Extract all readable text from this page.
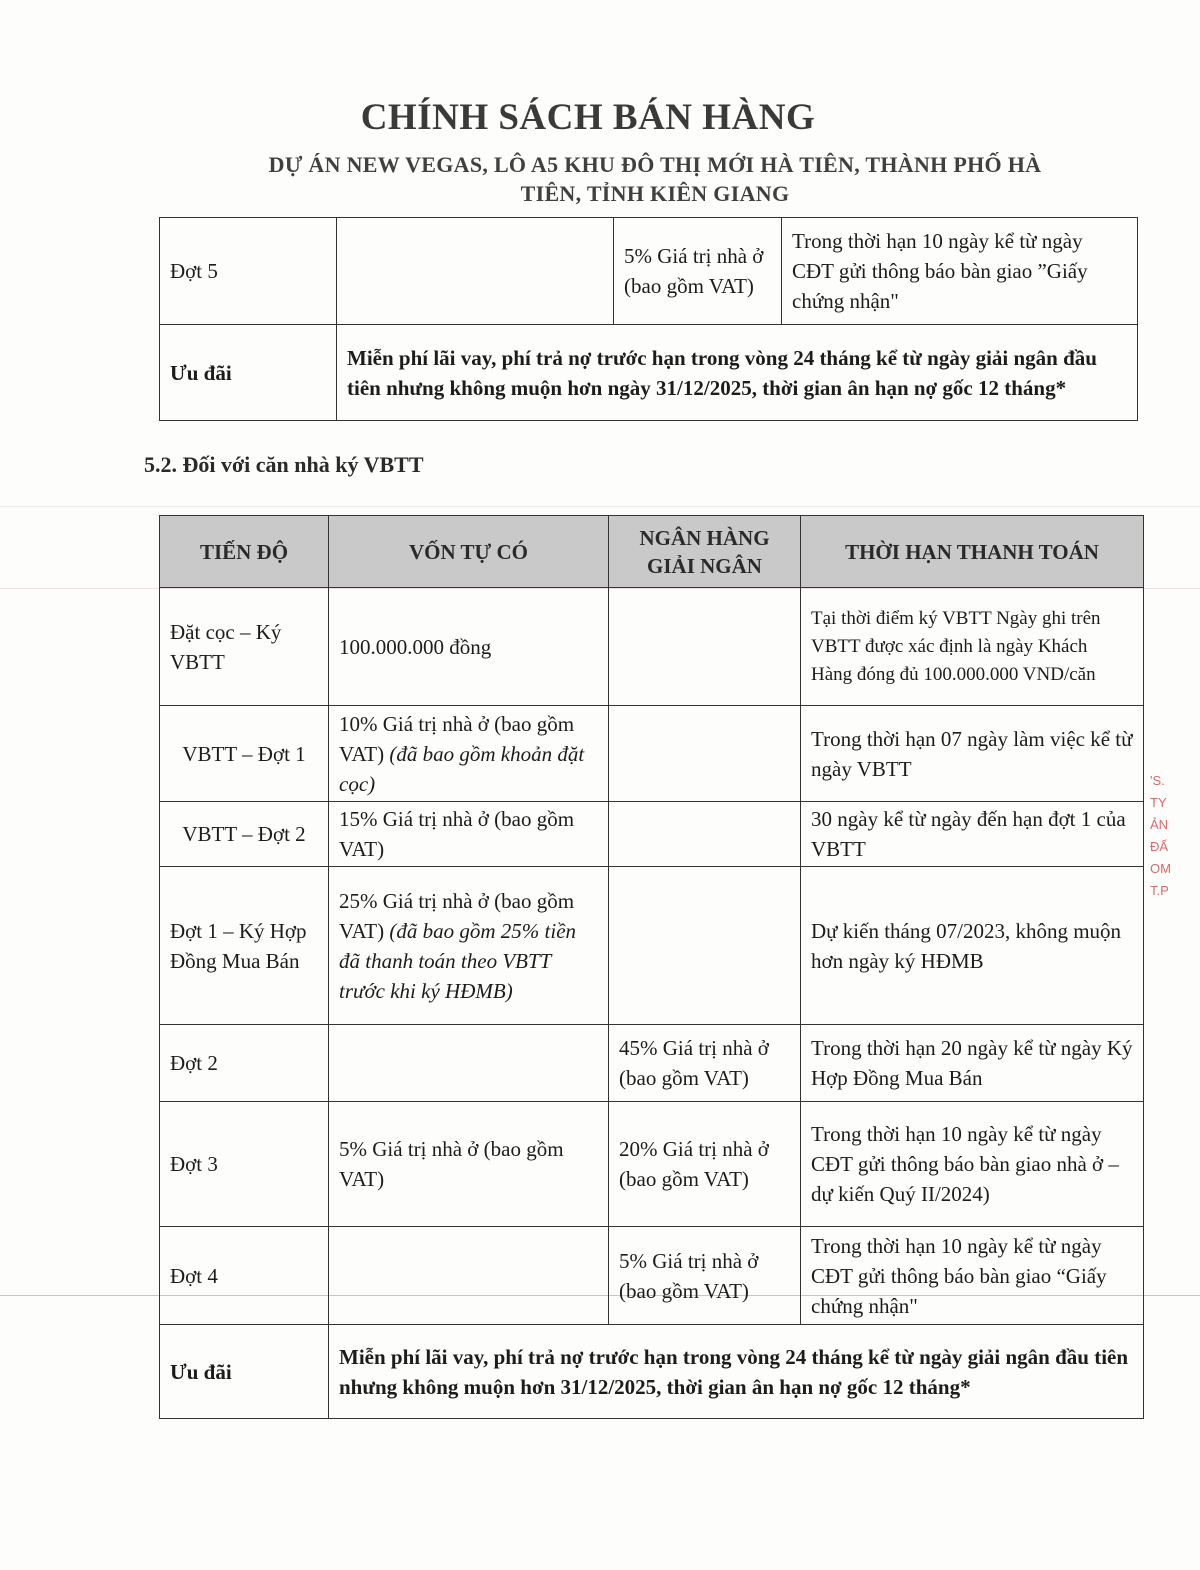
CHÍNH SÁCH BÁN HÀNG
DỰ ÁN NEW VEGAS, LÔ A5 KHU ĐÔ THỊ MỚI HÀ TIÊN, THÀNH PHỐ HÀ
TIÊN, TỈNH KIÊN GIANG
Đợt 5		5% Giá trị nhà ở (bao gồm VAT)	Trong thời hạn 10 ngày kể từ ngày CĐT gửi thông báo bàn giao ”Giấy chứng nhận"
Ưu đãi	Miễn phí lãi vay, phí trả nợ trước hạn trong vòng 24 tháng kể từ ngày giải ngân đầu tiên nhưng không muộn hơn ngày 31/12/2025, thời gian ân hạn nợ gốc 12 tháng*		
5.2. Đối với căn nhà ký VBTT
TIẾN ĐỘ	VỐN TỰ CÓ	NGÂN HÀNG GIẢI NGÂN	THỜI HẠN THANH TOÁN
Đặt cọc – Ký VBTT	100.000.000 đồng		Tại thời điểm ký VBTT Ngày ghi trên VBTT được xác định là ngày Khách Hàng đóng đủ 100.000.000 VND/căn
VBTT – Đợt 1	10% Giá trị nhà ở (bao gồm VAT) (đã bao gồm khoản đặt cọc)		Trong thời hạn 07 ngày làm việc kể từ ngày VBTT
VBTT – Đợt 2	15% Giá trị nhà ở (bao gồm VAT)		30 ngày kể từ ngày đến hạn đợt 1 của VBTT
Đợt 1 – Ký Hợp Đồng Mua Bán	25% Giá trị nhà ở (bao gồm VAT) (đã bao gồm 25% tiền đã thanh toán theo VBTT trước khi ký HĐMB)		Dự kiến tháng 07/2023, không muộn hơn ngày ký HĐMB
Đợt 2		45% Giá trị nhà ở (bao gồm VAT)	Trong thời hạn 20 ngày kể từ ngày Ký Hợp Đồng Mua Bán
Đợt 3	5% Giá trị nhà ở (bao gồm VAT)	20% Giá trị nhà ở (bao gồm VAT)	Trong thời hạn 10 ngày kể từ ngày CĐT gửi thông báo bàn giao nhà ở – dự kiến Quý II/2024)
Đợt 4		5% Giá trị nhà ở (bao gồm VAT)	Trong thời hạn 10 ngày kể từ ngày CĐT gửi thông báo bàn giao “Giấy chứng nhận"
Ưu đãi	Miễn phí lãi vay, phí trả nợ trước hạn trong vòng 24 tháng kể từ ngày giải ngân đầu tiên nhưng không muộn hơn 31/12/2025, thời gian ân hạn nợ gốc 12 tháng*		
'S.
TY
ẢN
ĐẤ
OM
T.P
